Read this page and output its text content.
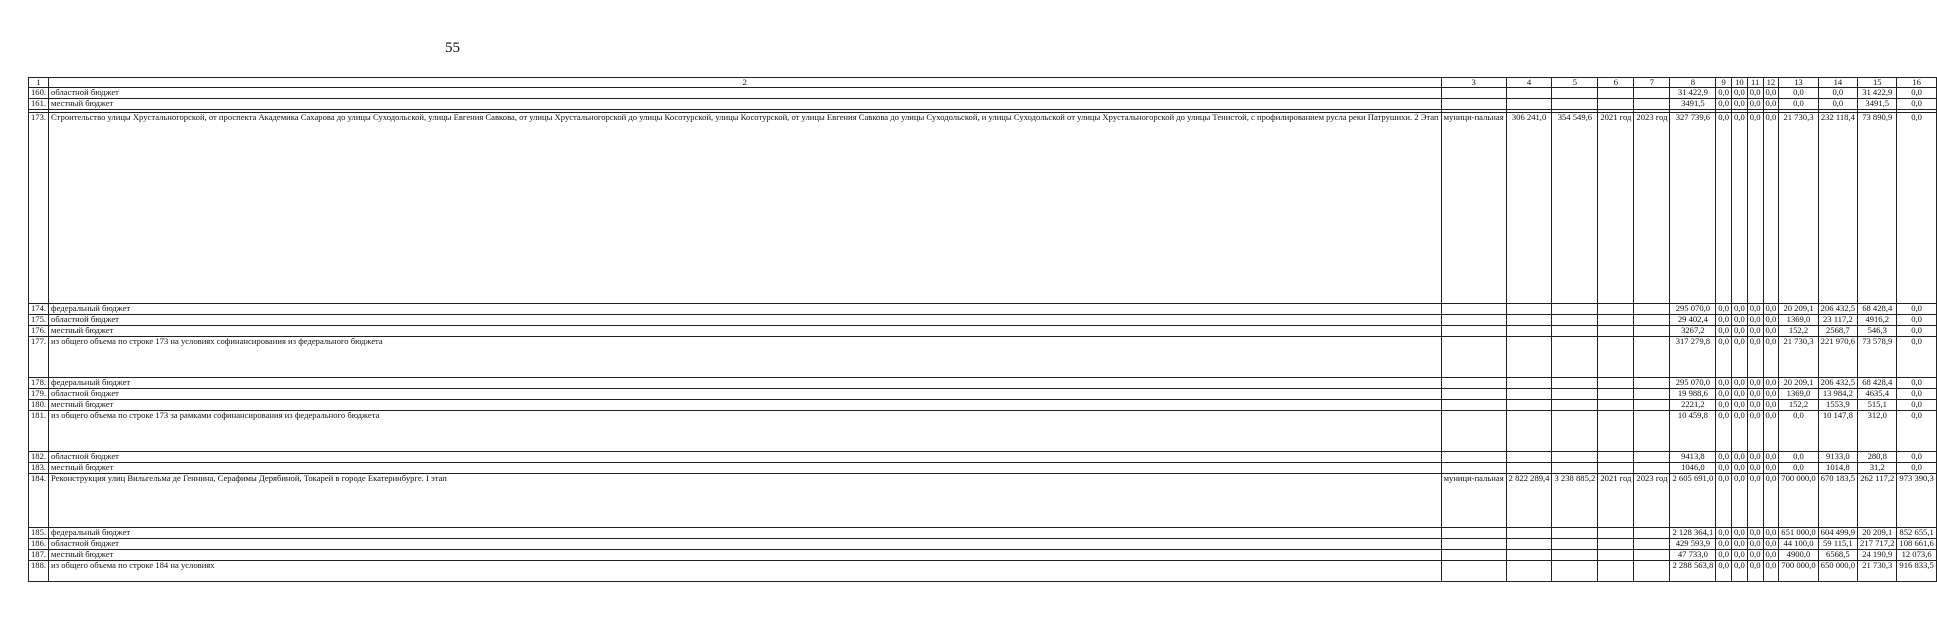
55
1	2	3	4	5	6	7	8	9	10	11	12	13	14	15	16
160.	областной бюджет						31 422,9	0,0	0,0	0,0	0,0	0,0	0,0	31 422,9	0,0
161.	местный бюджет						3491,5	0,0	0,0	0,0	0,0	0,0	0,0	3491,5	0,0

173.	Строительство улицы Хрустальногорской, от проспекта Академика Сахарова до улицы Суходольской, улицы Евгения Савкова, от улицы Хрустальногорской до улицы Косотурской, улицы Косотурской, от улицы Евгения Савкова до улицы Суходольской, и улицы Суходольской от улицы Хрустальногорской до улицы Тенистой, с профилированием русла реки Патрушихи. 2 Этап	муници-пальная	306 241,0	354 549,6	2021 год	2023 год	327 739,6	0,0	0,0	0,0	0,0	21 730,3	232 118,4	73 890,9	0,0
174.	федеральный бюджет						295 070,0	0,0	0,0	0,0	0,0	20 209,1	206 432,5	68 428,4	0,0
175.	областной бюджет						29 402,4	0,0	0,0	0,0	0,0	1369,0	23 117,2	4916,2	0,0
176.	местный бюджет						3267,2	0,0	0,0	0,0	0,0	152,2	2568,7	546,3	0,0
177.	из общего объема по строке 173 на условиях софинансирования из федерального бюджета						317 279,8	0,0	0,0	0,0	0,0	21 730,3	221 970,6	73 578,9	0,0
178.	федеральный бюджет						295 070,0	0,0	0,0	0,0	0,0	20 209,1	206 432,5	68 428,4	0,0
179.	областной бюджет						19 988,6	0,0	0,0	0,0	0,0	1369,0	13 984,2	4635,4	0,0
180.	местный бюджет						2221,2	0,0	0,0	0,0	0,0	152,2	1553,9	515,1	0,0
181.	из общего объема по строке 173 за рамками софинансирования из федерального бюджета						10 459,8	0,0	0,0	0,0	0,0	0,0	10 147,8	312,0	0,0
182.	областной бюджет						9413,8	0,0	0,0	0,0	0,0	0,0	9133,0	280,8	0,0
183.	местный бюджет						1046,0	0,0	0,0	0,0	0,0	0,0	1014,8	31,2	0,0
184.	Реконструкция улиц Вильгельма де Геннина, Серафимы Дерябиной, Токарей в городе Екатеринбурге. I этап	муници-пальная	2 822 289,4	3 238 885,2	2021 год	2023 год	2 605 691,0	0,0	0,0	0,0	0,0	700 000,0	670 183,5	262 117,2	973 390,3
185.	федеральный бюджет						2 128 364,1	0,0	0,0	0,0	0,0	651 000,0	604 499,9	20 209,1	852 655,1
186.	областной бюджет						429 593,9	0,0	0,0	0,0	0,0	44 100,0	59 115,1	217 717,2	108 661,6
187.	местный бюджет						47 733,0	0,0	0,0	0,0	0,0	4900,0	6568,5	24 190,9	12 073,6
188.	из общего объема по строке 184 на условиях						2 288 563,8	0,0	0,0	0,0	0,0	700 000,0	650 000,0	21 730,3	916 833,5
